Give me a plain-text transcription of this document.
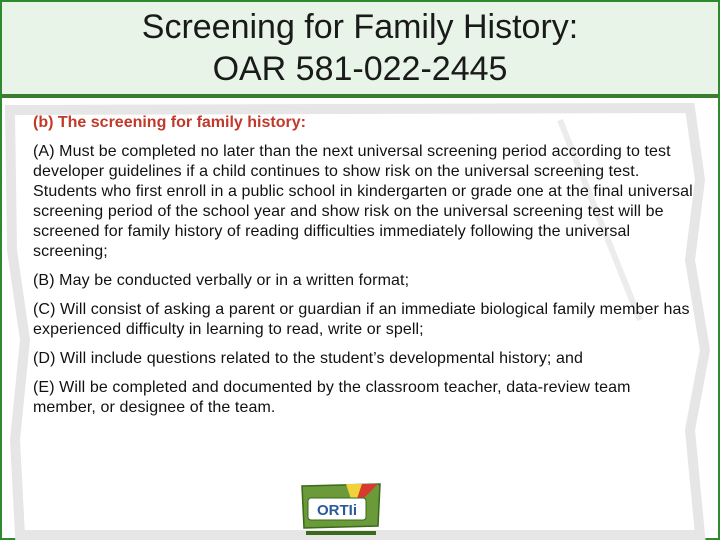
Screening for Family History:
OAR 581-022-2445

(b) The screening for family history:

(A) Must be completed no later than the next universal screening period according to test developer guidelines if a child continues to show risk on the universal screening test. Students who first enroll in a public school in kindergarten or grade one at the final universal screening period of the school year and show risk on the universal screening test will be screened for family history of reading difficulties immediately following the universal screening;

(B) May be conducted verbally or in a written format;

(C) Will consist of asking a parent or guardian if an immediate biological family member has experienced difficulty in learning to read, write or spell;

(D) Will include questions related to the student’s developmental history; and

(E) Will be completed and documented by the classroom teacher, data-review team member, or designee of the team.

ORTIi
